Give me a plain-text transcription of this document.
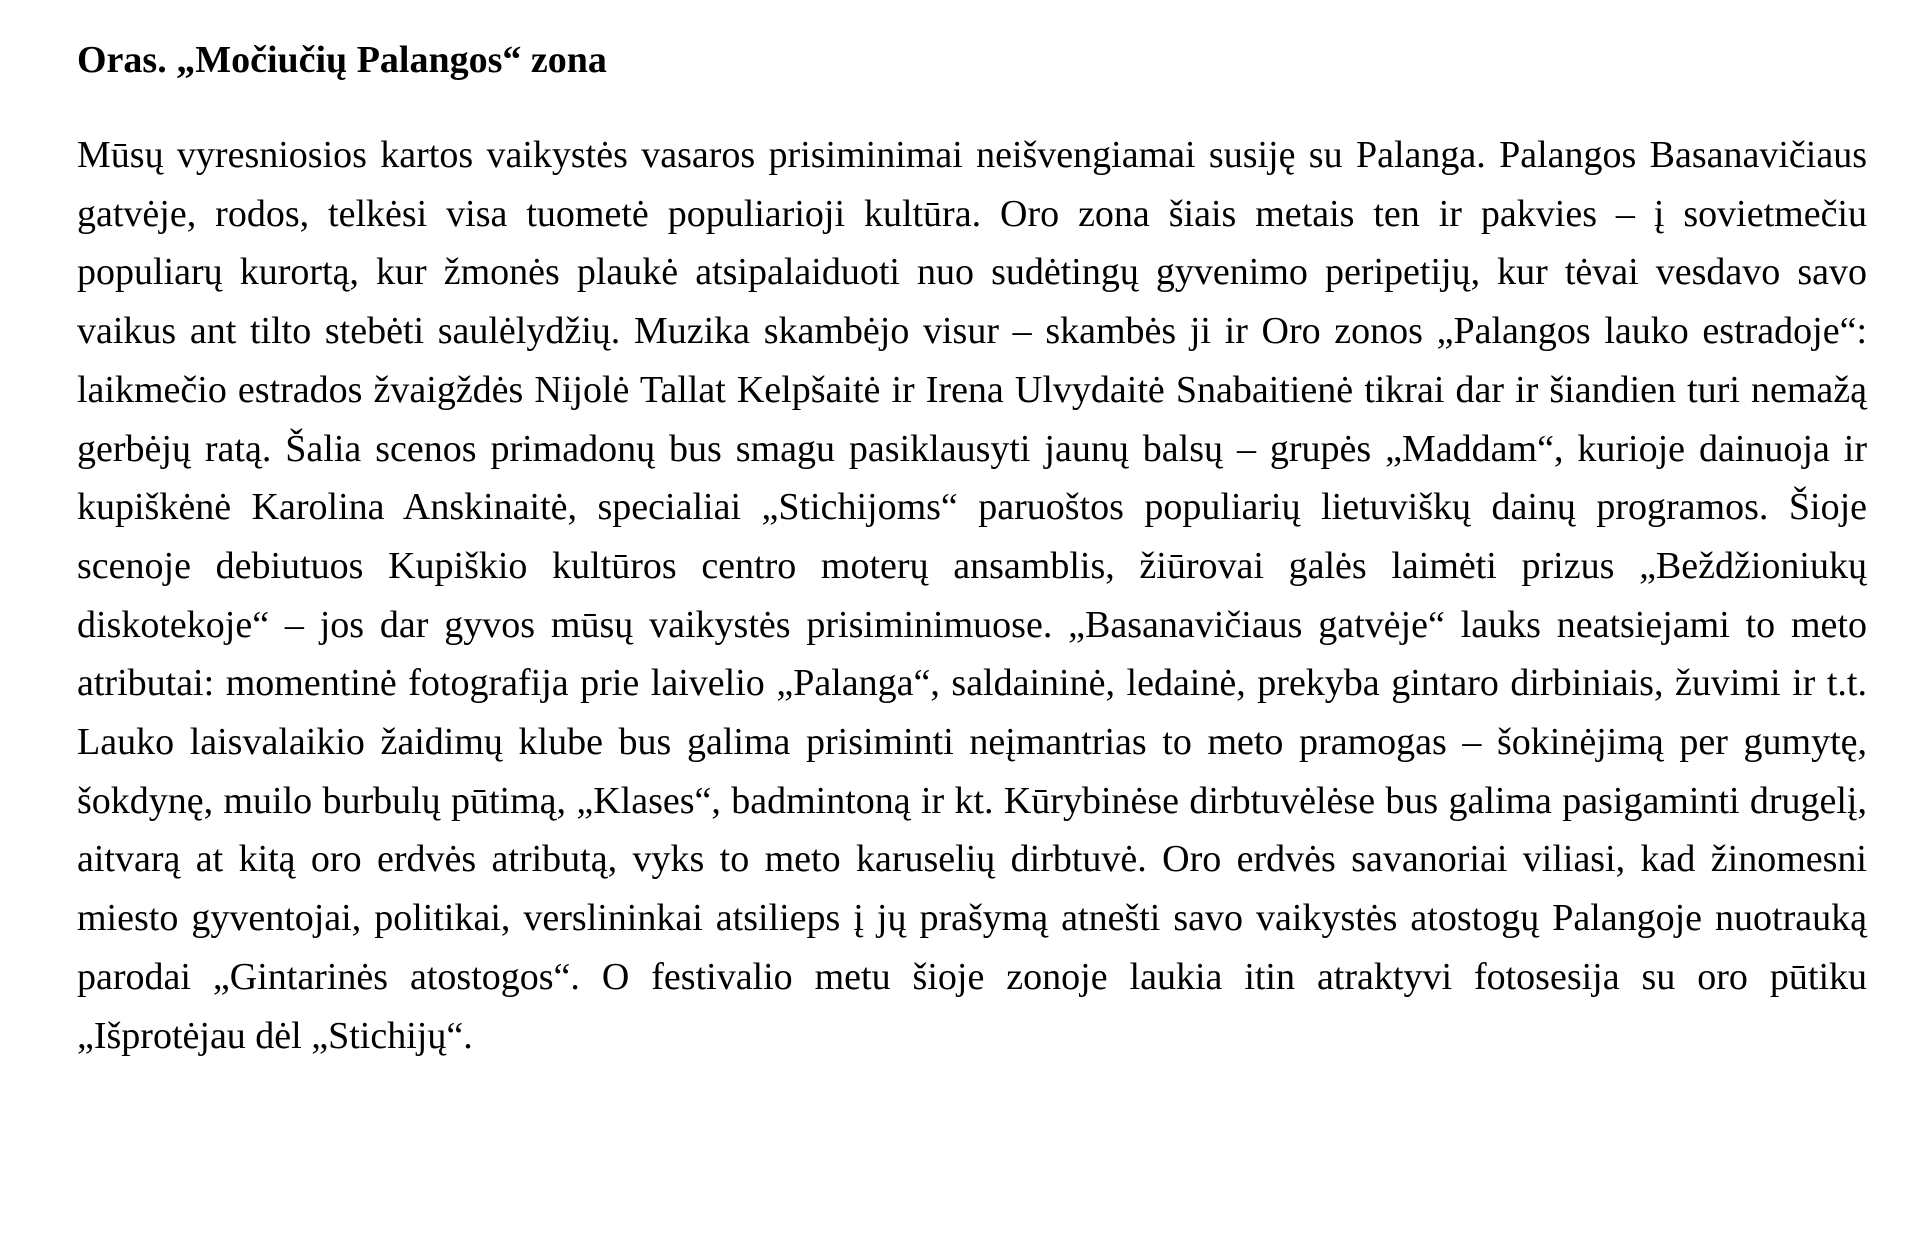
Oras. „Močiučių Palangos“ zona

Mūsų vyresniosios kartos vaikystės vasaros prisiminimai neišvengiamai susiję su Palanga. Palangos Basanavičiaus gatvėje, rodos, telkėsi visa tuometė populiarioji kultūra. Oro zona šiais metais ten ir pakvies – į sovietmečiu populiarų kurortą, kur žmonės plaukė atsipalaiduoti nuo sudėtingų gyvenimo peripetijų, kur tėvai vesdavo savo vaikus ant tilto stebėti saulėlydžių. Muzika skambėjo visur – skambės ji ir Oro zonos „Palangos lauko estradoje“: laikmečio estrados žvaigždės Nijolė Tallat Kelpšaitė ir Irena Ulvydaitė Snabaitienė tikrai dar ir šiandien turi nemažą gerbėjų ratą. Šalia scenos primadonų bus smagu pasiklausyti jaunų balsų – grupės „Maddam“, kurioje dainuoja ir kupiškėnė Karolina Anskinaitė, specialiai „Stichijoms“ paruoštos populiarių lietuviškų dainų programos. Šioje scenoje debiutuos Kupiškio kultūros centro moterų ansamblis, žiūrovai galės laimėti prizus „Beždžioniukų diskotekoje“ – jos dar gyvos mūsų vaikystės prisiminimuose. „Basanavičiaus gatvėje“ lauks neatsiejami to meto atributai: momentinė fotografija prie laivelio „Palanga“, saldaininė, ledainė, prekyba gintaro dirbiniais, žuvimi ir t.t. Lauko laisvalaikio žaidimų klube bus galima prisiminti neįmantrias to meto pramogas – šokinėjimą per gumytę, šokdynę, muilo burbulų pūtimą, „Klases“, badmintoną ir kt. Kūrybinėse dirbtuvėlėse bus galima pasigaminti drugelį, aitvarą at kitą oro erdvės atributą, vyks to meto karuselių dirbtuvė. Oro erdvės savanoriai viliasi, kad žinomesni miesto gyventojai, politikai, verslininkai atsilieps į jų prašymą atnešti savo vaikystės atostogų Palangoje nuotrauką parodai „Gintarinės atostogos“. O festivalio metu šioje zonoje laukia itin atraktyvi fotosesija su oro pūtiku „Išprotėjau dėl „Stichijų“.
